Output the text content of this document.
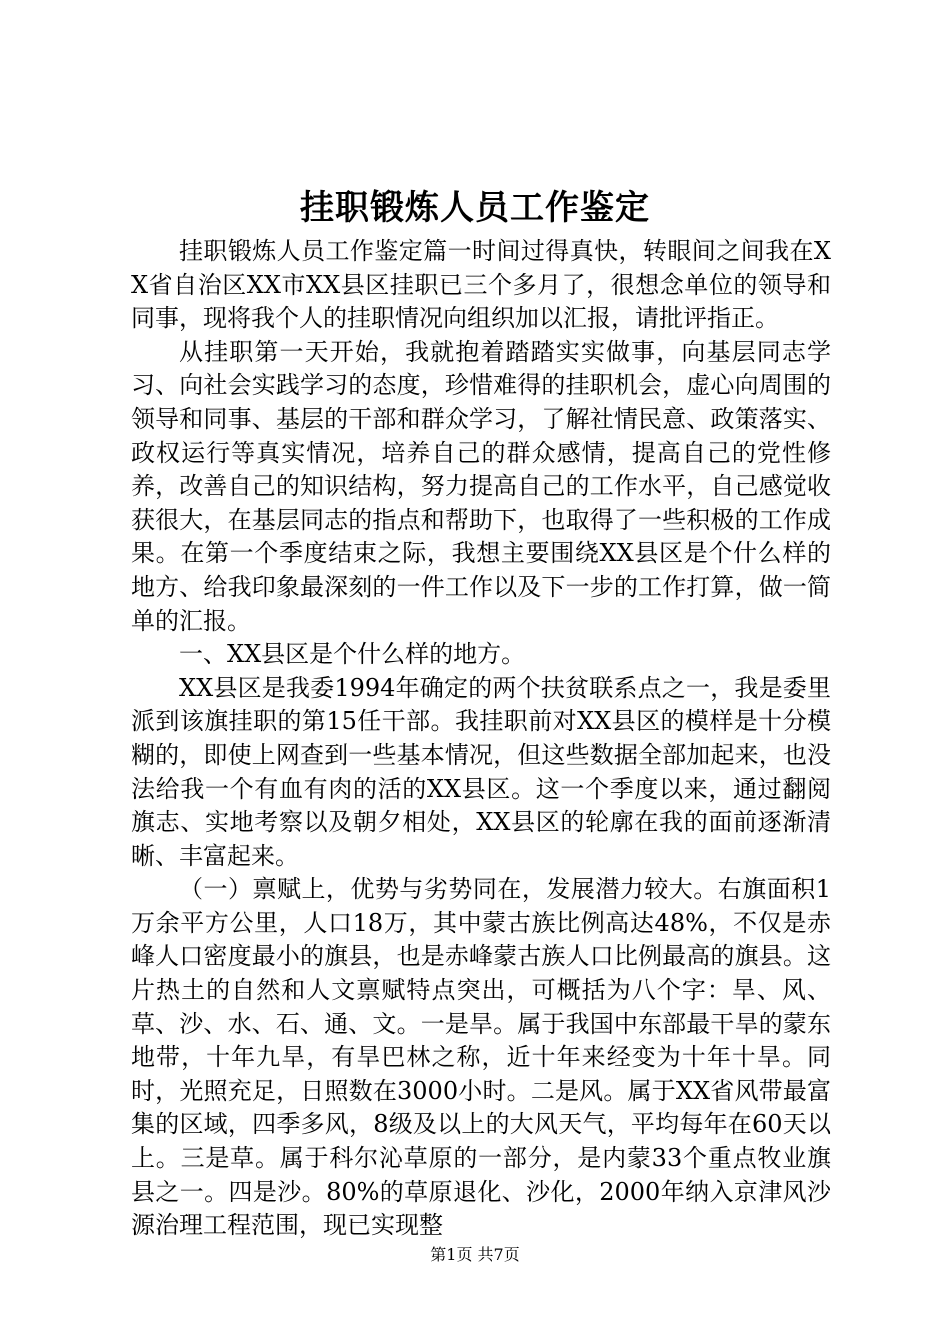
挂职锻炼人员工作鉴定

挂职锻炼人员工作鉴定篇一时间过得真快，转眼间之间我在XX省自治区XX市XX县区挂职已三个多月了，很想念单位的领导和同事，现将我个人的挂职情况向组织加以汇报，请批评指正。

从挂职第一天开始，我就抱着踏踏实实做事，向基层同志学习、向社会实践学习的态度，珍惜难得的挂职机会，虚心向周围的领导和同事、基层的干部和群众学习，了解社情民意、政策落实、政权运行等真实情况，培养自己的群众感情，提高自己的党性修养，改善自己的知识结构，努力提高自己的工作水平，自己感觉收获很大，在基层同志的指点和帮助下，也取得了一些积极的工作成果。在第一个季度结束之际，我想主要围绕XX县区是个什么样的地方、给我印象最深刻的一件工作以及下一步的工作打算，做一简单的汇报。

一、XX县区是个什么样的地方。

XX县区是我委1994年确定的两个扶贫联系点之一，我是委里派到该旗挂职的第15任干部。我挂职前对XX县区的模样是十分模糊的，即使上网查到一些基本情况，但这些数据全部加起来，也没法给我一个有血有肉的活的XX县区。这一个季度以来，通过翻阅旗志、实地考察以及朝夕相处，XX县区的轮廓在我的面前逐渐清晰、丰富起来。

（一）禀赋上，优势与劣势同在，发展潜力较大。右旗面积1万余平方公里，人口18万，其中蒙古族比例高达48%，不仅是赤峰人口密度最小的旗县，也是赤峰蒙古族人口比例最高的旗县。这片热土的自然和人文禀赋特点突出，可概括为八个字：旱、风、草、沙、水、石、通、文。一是旱。属于我国中东部最干旱的蒙东地带，十年九旱，有旱巴林之称，近十年来经变为十年十旱。同时，光照充足，日照数在3000小时。二是风。属于XX省风带最富集的区域，四季多风，8级及以上的大风天气，平均每年在60天以上。三是草。属于科尔沁草原的一部分，是内蒙33个重点牧业旗县之一。四是沙。80%的草原退化、沙化，2000年纳入京津风沙源治理工程范围，现已实现整

第1页 共7页
